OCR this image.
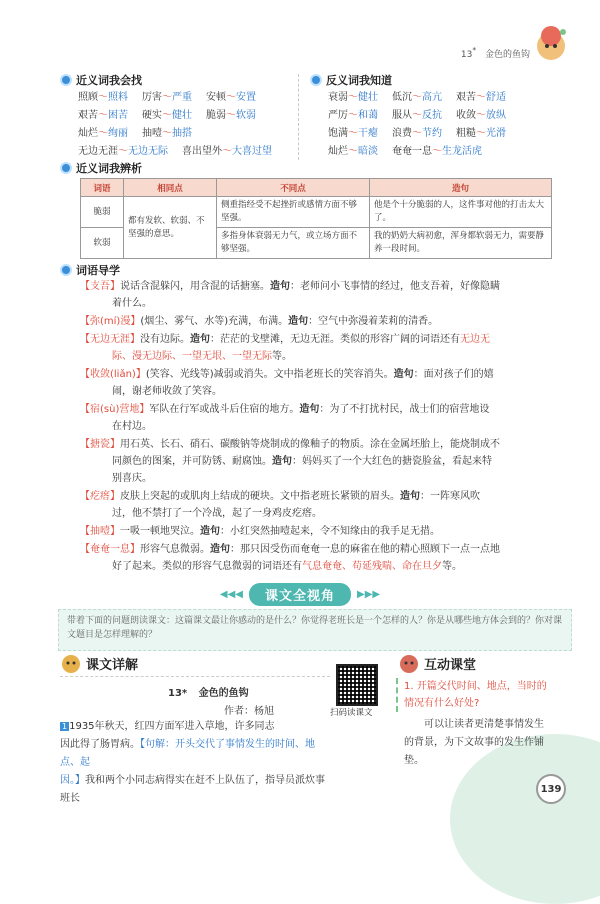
13* 金色的鱼钩
近义词我会找
照顾～照料 厉害～严重 安顿～安置
艰苦～困苦 硬实～健壮 脆弱～软弱
灿烂～绚丽 抽噎～抽搭
无边无涯～无边无际 喜出望外～大喜过望
反义词我知道
衰弱～健壮 低沉～高亢 艰苦～舒适
严厉～和蔼 服从～反抗 收敛～放纵
饱满～干瘪 浪费～节约 粗糙～光滑
灿烂～暗淡 奄奄一息～生龙活虎
近义词我辨析
词语	相同点	不同点	造句
脆弱	都有发软、软弱、不坚强的意思。	侧重指经受不起挫折或感情方面不够坚强。	他是个十分脆弱的人，这件事对他的打击太大了。
软弱		多指身体衰弱无力气，或立场方面不够坚强。	我的奶奶大病初愈，浑身都软弱无力，需要静养一段时间。
词语导学
【支吾】说话含混躲闪，用含混的话搪塞。造句：老师问小飞事情的经过，他支吾着，好像隐瞒
着什么。
【弥(mí)漫】(烟尘、雾气、水等)充满，布满。造句：空气中弥漫着茉莉的清香。
【无边无涯】没有边际。造句：茫茫的戈壁滩，无边无涯。类似的形容广阔的词语还有无边无
际、漫无边际、一望无垠、一望无际等。
【收敛(liǎn)】(笑容、光线等)减弱或消失。文中指老班长的笑容消失。造句：面对孩子们的嬉
闹，谢老师收敛了笑容。
【宿(sù)营地】军队在行军或战斗后住宿的地方。造句：为了不打扰村民，战士们的宿营地设
在村边。
【搪瓷】用石英、长石、硝石、碳酸钠等烧制成的像釉子的物质。涂在金属坯胎上，能烧制成不
同颜色的图案，并可防锈、耐腐蚀。造句：妈妈买了一个大红色的搪瓷脸盆，看起来特
别喜庆。
【疙瘩】皮肤上突起的或肌肉上结成的硬块。文中指老班长紧锁的眉头。造句：一阵寒风吹
过，他不禁打了一个冷战，起了一身鸡皮疙瘩。
【抽噎】一吸一顿地哭泣。造句：小红突然抽噎起来，令不知缘由的我手足无措。
【奄奄一息】形容气息微弱。造句：那只因受伤而奄奄一息的麻雀在他的精心照顾下一点一点地
好了起来。类似的形容气息微弱的词语还有气息奄奄、苟延残喘、命在旦夕等。
◀◀◀	课文全视角	▶▶▶
带着下面的问题朗读课文：这篇课文最让你感动的是什么？你觉得老班长是一个怎样的人？你是从哪些地方体会到的？你对课文题目是怎样理解的？
课文详解
13* 金色的鱼钩
作者：杨旭
1 1935年秋天，红四方面军进入草地，许多同志
因此得了肠胃病。【句解：开头交代了事情发生的时间、地点、起
因。】我和两个小同志病得实在赶不上队伍了，指导员派炊事班长
扫码读课文
互动课堂
1. 开篇交代时间、地点，当时的情况有什么好处?
可以让读者更清楚事情发生的背景，为下文故事的发生作铺垫。
139
